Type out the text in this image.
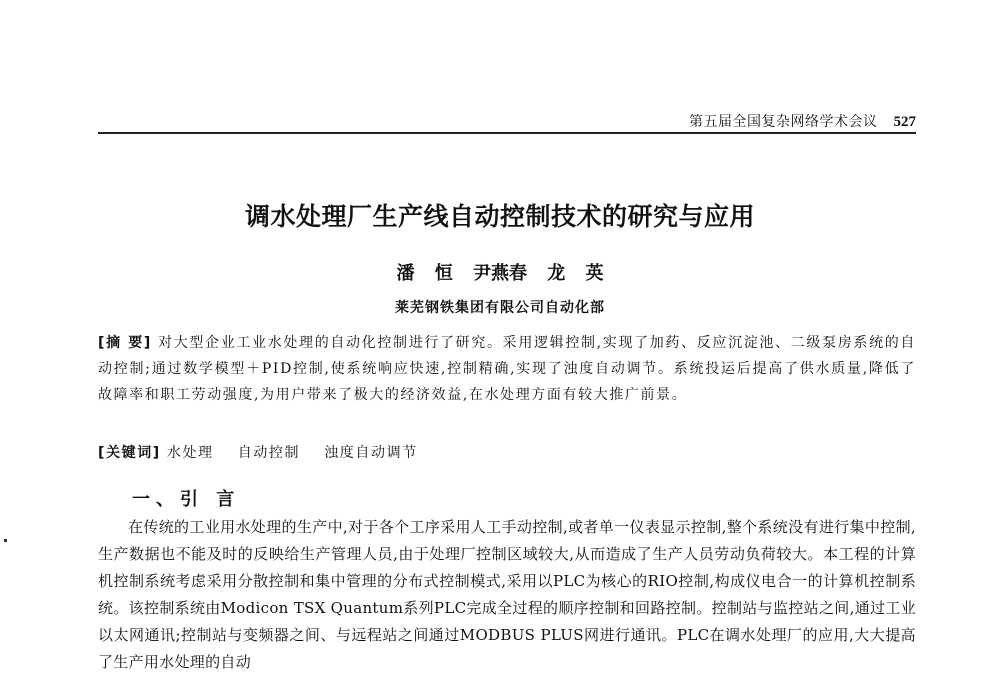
第五届全国复杂网络学术会议 527
调水处理厂生产线自动控制技术的研究与应用
潘 恒 尹燕春 龙 英
莱芜钢铁集团有限公司自动化部
[摘 要] 对大型企业工业水处理的自动化控制进行了研究。采用逻辑控制,实现了加药、反应沉淀池、二级泵房系统的自动控制;通过数学模型＋PID控制,使系统响应快速,控制精确,实现了浊度自动调节。系统投运后提高了供水质量,降低了故障率和职工劳动强度,为用户带来了极大的经济效益,在水处理方面有较大推广前景。
[关键词] 水处理 自动控制 浊度自动调节
一、引 言
在传统的工业用水处理的生产中,对于各个工序采用人工手动控制,或者单一仪表显示控制,整个系统没有进行集中控制,生产数据也不能及时的反映给生产管理人员,由于处理厂控制区域较大,从而造成了生产人员劳动负荷较大。本工程的计算机控制系统考虑采用分散控制和集中管理的分布式控制模式,采用以PLC为核心的RIO控制,构成仪电合一的计算机控制系统。该控制系统由Modicon TSX Quantum系列PLC完成全过程的顺序控制和回路控制。控制站与监控站之间,通过工业以太网通讯;控制站与变频器之间、与远程站之间通过MODBUS PLUS网进行通讯。PLC在调水处理厂的应用,大大提高了生产用水处理的自动
